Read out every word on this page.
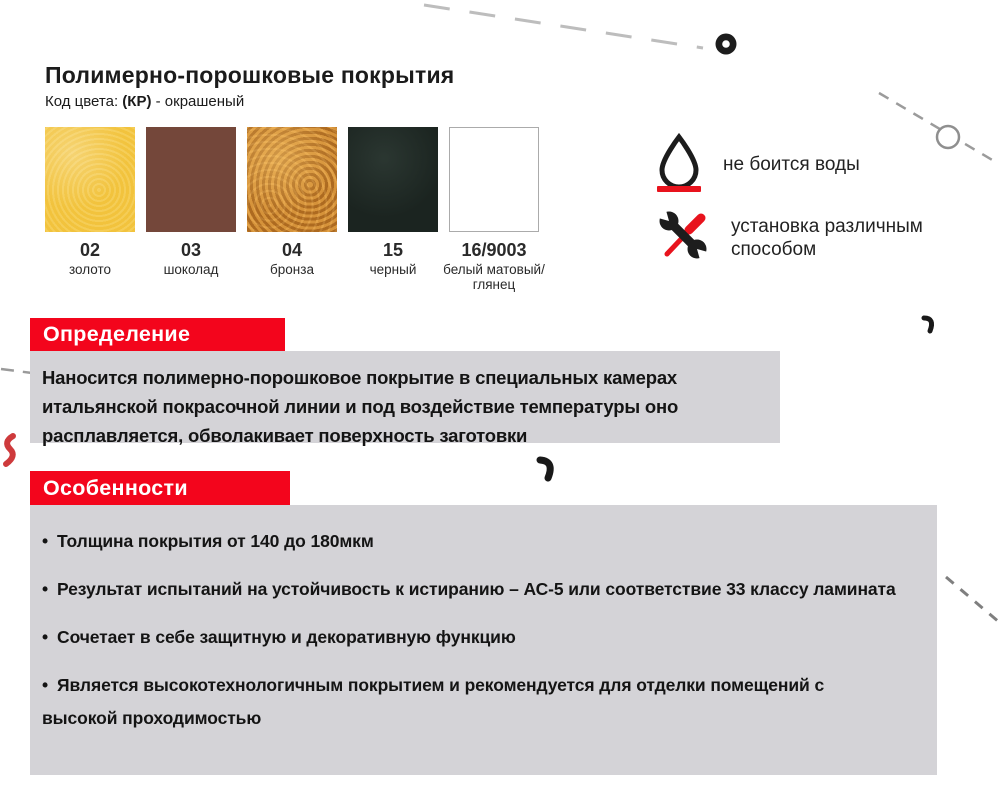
Полимерно-порошковые покрытия
Код цвета: (КР) - окрашеный
02
золото
03
шоколад
04
бронза
15
черный
16/9003
белый матовый/глянец
не боится воды
установка различным способом
Определение

Наносится полимерно-порошковое покрытие в специальных камерах итальянской покрасочной линии и под воздействие температуры оно расплавляется, обволакивает поверхность заготовки

Особенности
• Толщина покрытия от 140 до 180мкм
• Результат испытаний на устойчивость к истиранию – АС-5 или соответствие 33 классу ламината
• Сочетает в себе защитную и декоративную функцию
• Является высокотехнологичным покрытием и рекомендуется для отделки помещений с высокой проходимостью
